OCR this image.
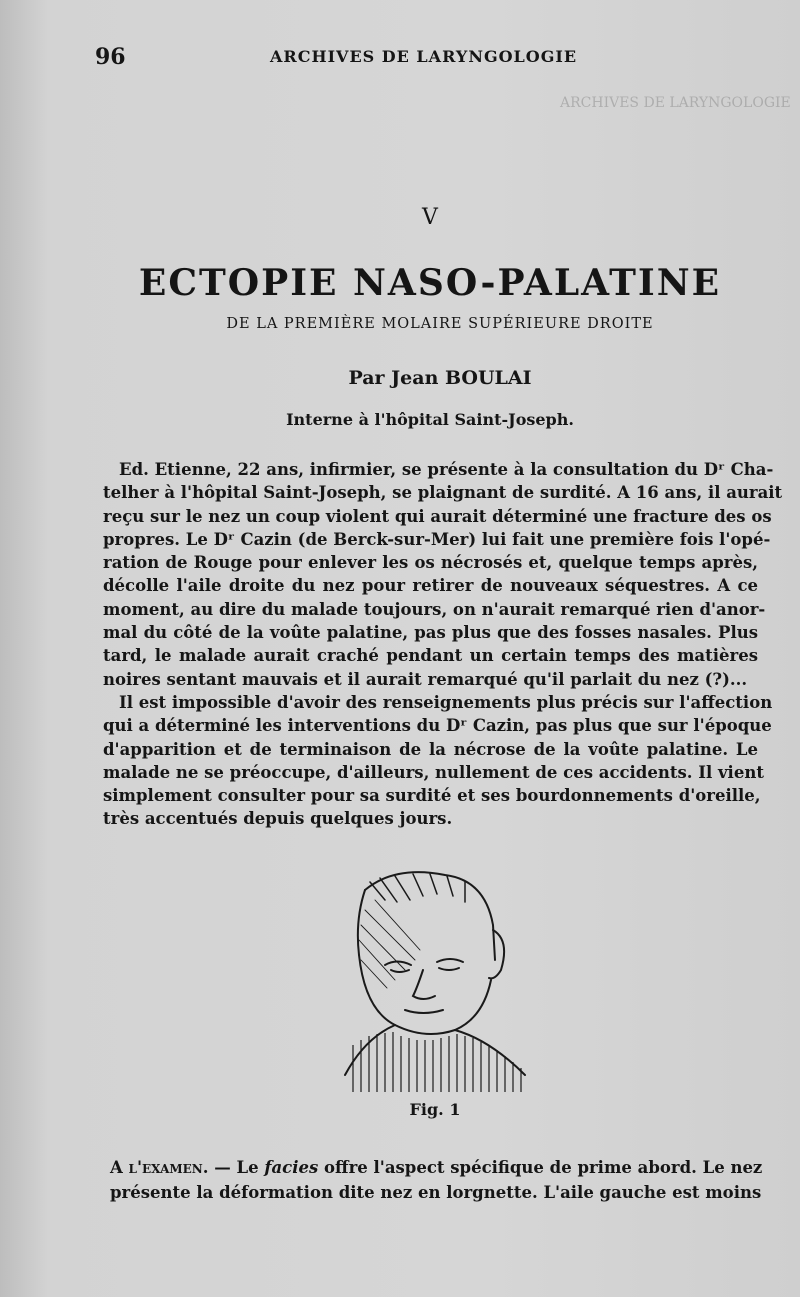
ARCHIVES DE LARYNGOLOGIE
96	ARCHIVES DE LARYNGOLOGIE
V
ECTOPIE NASO-PALATINE
DE LA PREMIÈRE MOLAIRE SUPÉRIEURE DROITE
Par Jean BOULAI
Interne à l'hôpital Saint-Joseph.
Ed. Etienne, 22 ans, infirmier, se présente à la consultation du Dʳ Cha-
telher à l'hôpital Saint-Joseph, se plaignant de surdité. A 16 ans, il aurait
reçu sur le nez un coup violent qui aurait déterminé une fracture des os
propres. Le Dʳ Cazin (de Berck-sur-Mer) lui fait une première fois l'opé-
ration de Rouge pour enlever les os nécrosés et, quelque temps après,
décolle l'aile droite du nez pour retirer de nouveaux séquestres. A ce
moment, au dire du malade toujours, on n'aurait remarqué rien d'anor-
mal du côté de la voûte palatine, pas plus que des fosses nasales. Plus
tard, le malade aurait craché pendant un certain temps des matières
noires sentant mauvais et il aurait remarqué qu'il parlait du nez (?)...
Il est impossible d'avoir des renseignements plus précis sur l'affection
qui a déterminé les interventions du Dʳ Cazin, pas plus que sur l'époque
d'apparition et de terminaison de la nécrose de la voûte palatine. Le
malade ne se préoccupe, d'ailleurs, nullement de ces accidents. Il vient
simplement consulter pour sa surdité et ses bourdonnements d'oreille,
très accentués depuis quelques jours.
Fig. 1
A l'examen. — Le facies offre l'aspect spécifique de prime abord. Le nez
présente la déformation dite nez en lorgnette. L'aile gauche est moins
